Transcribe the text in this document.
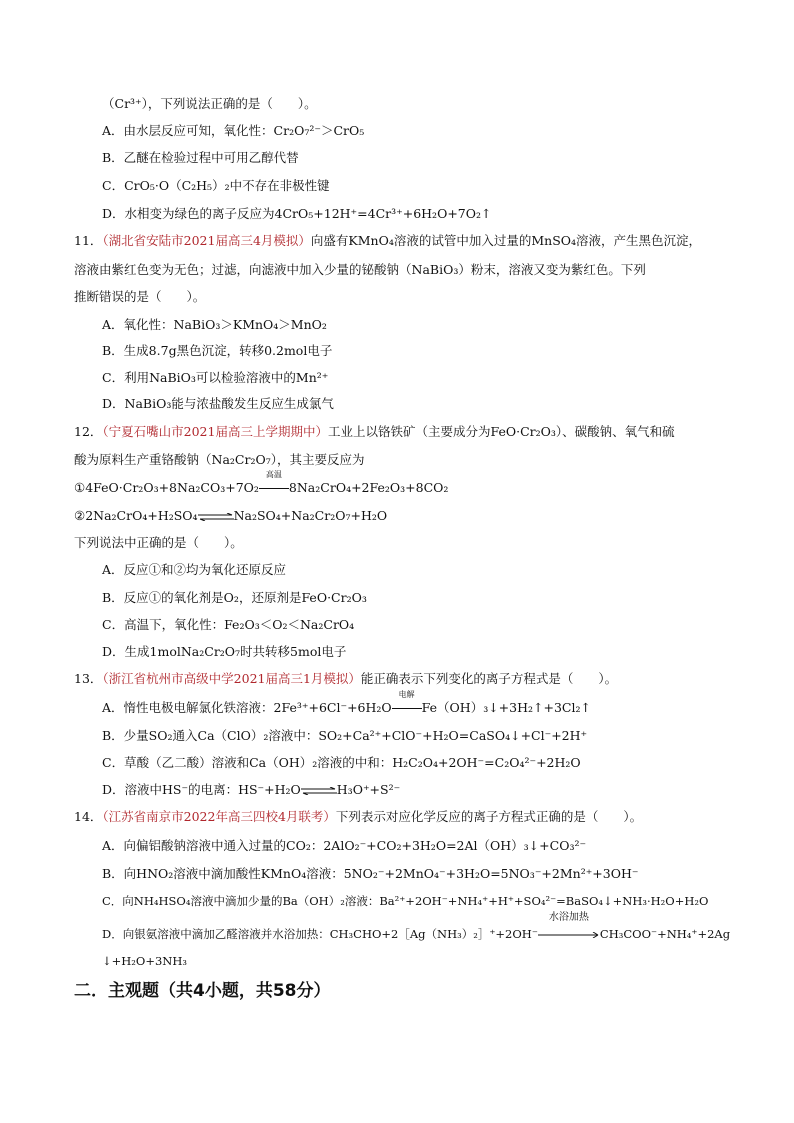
（Cr³⁺），下列说法正确的是（　　）。
A．由水层反应可知，氧化性：Cr₂O₇²⁻＞CrO₅
B．乙醚在检验过程中可用乙醇代替
C．CrO₅·O（C₂H₅）₂中不存在非极性键
D．水相变为绿色的离子反应为4CrO₅+12H⁺=4Cr³⁺+6H₂O+7O₂↑
11．（湖北省安陆市2021届高三4月模拟）向盛有KMnO₄溶液的试管中加入过量的MnSO₄溶液，产生黑色沉淀，
溶液由紫红色变为无色；过滤，向滤液中加入少量的铋酸钠（NaBiO₃）粉末，溶液又变为紫红色。下列
推断错误的是（　　）。
A．氧化性：NaBiO₃＞KMnO₄＞MnO₂
B．生成8.7g黑色沉淀，转移0.2mol电子
C．利用NaBiO₃可以检验溶液中的Mn²⁺
D．NaBiO₃能与浓盐酸发生反应生成氯气
12．（宁夏石嘴山市2021届高三上学期期中）工业上以铬铁矿（主要成分为FeO·Cr₂O₃）、碳酸钠、氧气和硫
酸为原料生产重铬酸钠（Na₂Cr₂O₇），其主要反应为
①4FeO·Cr₂O₃+8Na₂CO₃+7O₂
高温
8Na₂CrO₄+2Fe₂O₃+8CO₂
②2Na₂CrO₄+H₂SO₄⇌Na₂SO₄+Na₂Cr₂O₇+H₂O
下列说法中正确的是（　　）。
A．反应①和②均为氧化还原反应
B．反应①的氧化剂是O₂，还原剂是FeO·Cr₂O₃
C．高温下，氧化性：Fe₂O₃＜O₂＜Na₂CrO₄
D．生成1molNa₂Cr₂O₇时共转移5mol电子
13．（浙江省杭州市高级中学2021届高三1月模拟）能正确表示下列变化的离子方程式是（　　）。
A．惰性电极电解氯化铁溶液：2Fe³⁺+6Cl⁻+6H₂O
电解
Fe（OH）₃↓+3H₂↑+3Cl₂↑
B．少量SO₂通入Ca（ClO）₂溶液中：SO₂+Ca²⁺+ClO⁻+H₂O=CaSO₄↓+Cl⁻+2H⁺
C．草酸（乙二酸）溶液和Ca（OH）₂溶液的中和：H₂C₂O₄+2OH⁻=C₂O₄²⁻+2H₂O
D．溶液中HS⁻的电离：HS⁻+H₂O⇌H₃O⁺+S²⁻
14．（江苏省南京市2022年高三四校4月联考）下列表示对应化学反应的离子方程式正确的是（　　）。
A．向偏铝酸钠溶液中通入过量的CO₂：2AlO₂⁻+CO₂+3H₂O=2Al（OH）₃↓+CO₃²⁻
B．向HNO₂溶液中滴加酸性KMnO₄溶液：5NO₂⁻+2MnO₄⁻+3H₂O=5NO₃⁻+2Mn²⁺+3OH⁻
C．向NH₄HSO₄溶液中滴加少量的Ba（OH）₂溶液：Ba²⁺+2OH⁻+NH₄⁺+H⁺+SO₄²⁻=BaSO₄↓+NH₃·H₂O+H₂O
D．向银氨溶液中滴加乙醛溶液并水浴加热：CH₃CHO+2［Ag（NH₃）₂］⁺+2OH⁻
水浴加热
CH₃COO⁻+NH₄⁺+2Ag
↓+H₂O+3NH₃
二．主观题（共4小题，共58分）
